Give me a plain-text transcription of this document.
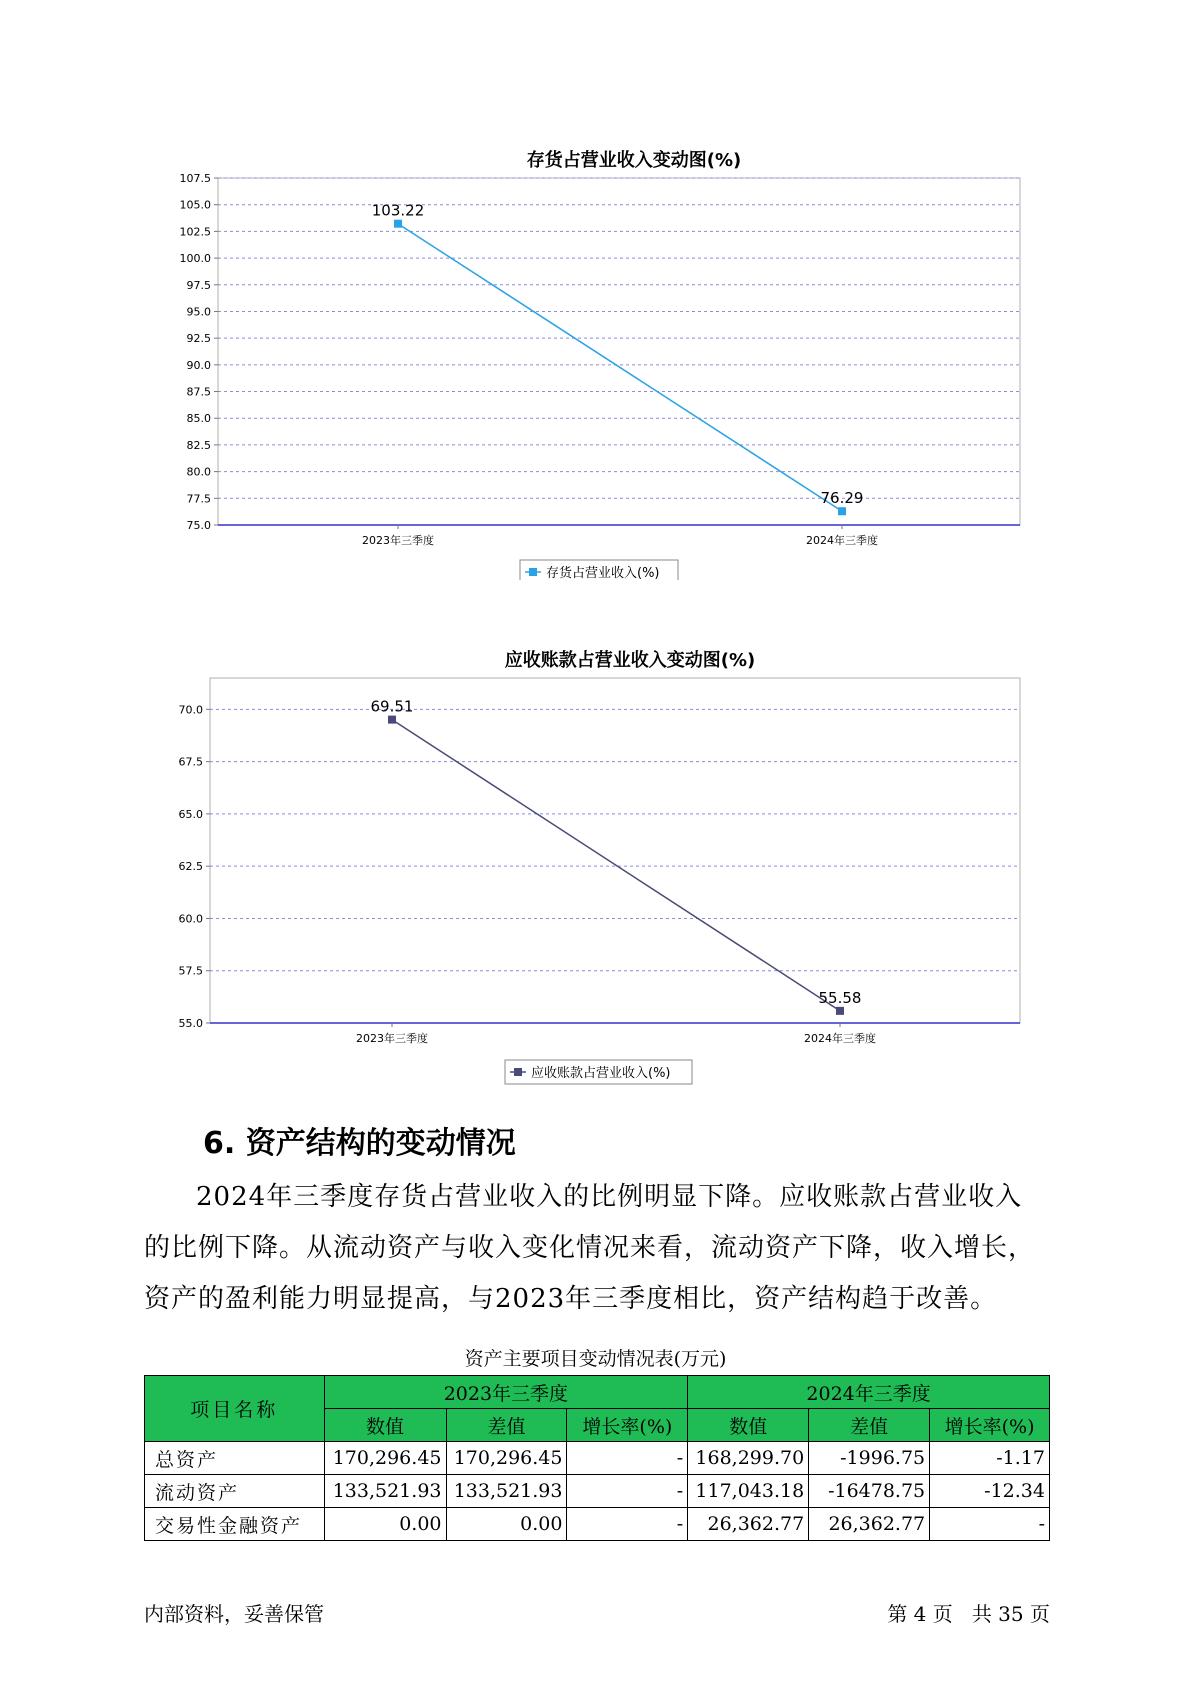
存货占营业收入变动图(%)
75.0
77.5
80.0
82.5
85.0
87.5
90.0
92.5
95.0
97.5
100.0
102.5
105.0
107.5
2023年三季度	2024年三季度
103.22
76.29
存货占营业收入(%)
应收账款占营业收入变动图(%)
55.0
57.5
60.0
62.5
65.0
67.5
70.0
2023年三季度	2024年三季度
69.51
55.58
应收账款占营业收入(%)
6. 资产结构的变动情况

2024年三季度存货占营业收入的比例明显下降。应收账款占营业收入
的比例下降。从流动资产与收入变化情况来看，流动资产下降，收入增长，
资产的盈利能力明显提高，与2023年三季度相比，资产结构趋于改善。

资产主要项目变动情况表(万元)

项目名称	2023年三季度			2024年三季度		
	数值	差值	增长率(%)	数值	差值	增长率(%)
总资产	170,296.45	170,296.45	-	168,299.70	-1996.75	-1.17
流动资产	133,521.93	133,521.93	-	117,043.18	-16478.75	-12.34
交易性金融资产	0.00	0.00	-	26,362.77	26,362.77	-
内部资料，妥善保管	第 4 页   共 35 页
